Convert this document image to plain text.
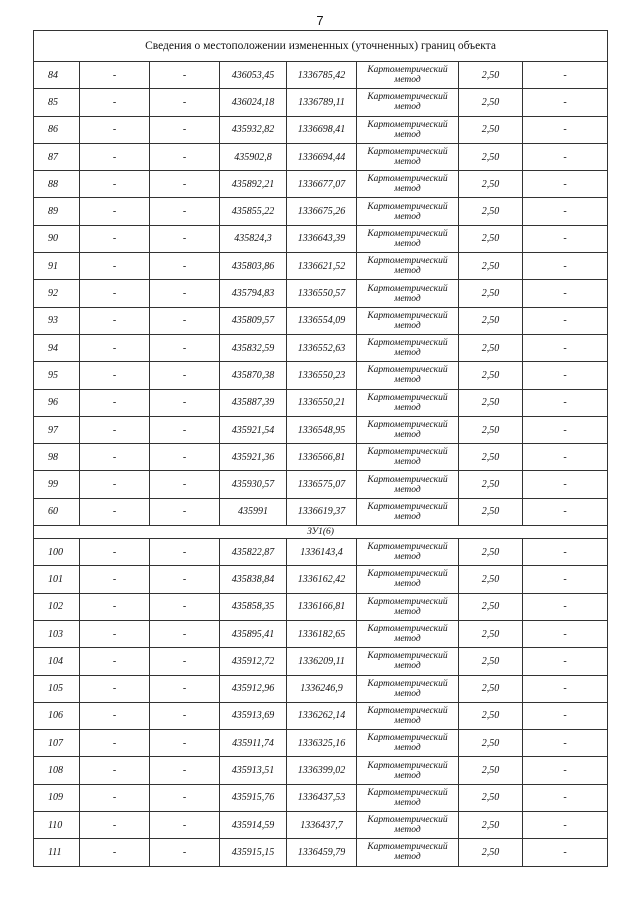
7
Сведения о местоположении измененных (уточненных) границ объекта							
84	-	-	436053,45	1336785,42	Картометрический метод	2,50	-
85	-	-	436024,18	1336789,11	Картометрический метод	2,50	-
86	-	-	435932,82	1336698,41	Картометрический метод	2,50	-
87	-	-	435902,8	1336694,44	Картометрический метод	2,50	-
88	-	-	435892,21	1336677,07	Картометрический метод	2,50	-
89	-	-	435855,22	1336675,26	Картометрический метод	2,50	-
90	-	-	435824,3	1336643,39	Картометрический метод	2,50	-
91	-	-	435803,86	1336621,52	Картометрический метод	2,50	-
92	-	-	435794,83	1336550,57	Картометрический метод	2,50	-
93	-	-	435809,57	1336554,09	Картометрический метод	2,50	-
94	-	-	435832,59	1336552,63	Картометрический метод	2,50	-
95	-	-	435870,38	1336550,23	Картометрический метод	2,50	-
96	-	-	435887,39	1336550,21	Картометрический метод	2,50	-
97	-	-	435921,54	1336548,95	Картометрический метод	2,50	-
98	-	-	435921,36	1336566,81	Картометрический метод	2,50	-
99	-	-	435930,57	1336575,07	Картометрический метод	2,50	-
60	-	-	435991	1336619,37	Картометрический метод	2,50	-
ЗУ1(6)							
100	-	-	435822,87	1336143,4	Картометрический метод	2,50	-
101	-	-	435838,84	1336162,42	Картометрический метод	2,50	-
102	-	-	435858,35	1336166,81	Картометрический метод	2,50	-
103	-	-	435895,41	1336182,65	Картометрический метод	2,50	-
104	-	-	435912,72	1336209,11	Картометрический метод	2,50	-
105	-	-	435912,96	1336246,9	Картометрический метод	2,50	-
106	-	-	435913,69	1336262,14	Картометрический метод	2,50	-
107	-	-	435911,74	1336325,16	Картометрический метод	2,50	-
108	-	-	435913,51	1336399,02	Картометрический метод	2,50	-
109	-	-	435915,76	1336437,53	Картометрический метод	2,50	-
110	-	-	435914,59	1336437,7	Картометрический метод	2,50	-
111	-	-	435915,15	1336459,79	Картометрический метод	2,50	-
